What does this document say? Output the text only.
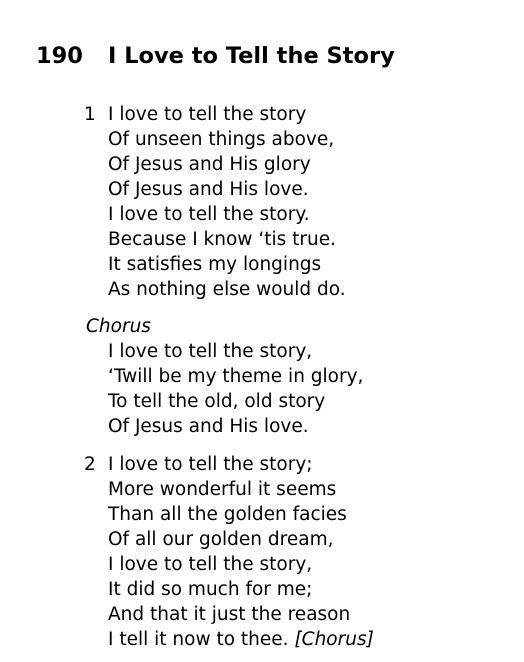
190 I Love to Tell the Story
1 I love to tell the story
Of unseen things above,
Of Jesus and His glory
Of Jesus and His love.
I love to tell the story.
Because I know ‘tis true.
It satisfies my longings
As nothing else would do.
Chorus
I love to tell the story,
‘Twill be my theme in glory,
To tell the old, old story
Of Jesus and His love.
2 I love to tell the story;
More wonderful it seems
Than all the golden facies
Of all our golden dream,
I love to tell the story,
It did so much for me;
And that it just the reason
I tell it now to thee. [Chorus]
